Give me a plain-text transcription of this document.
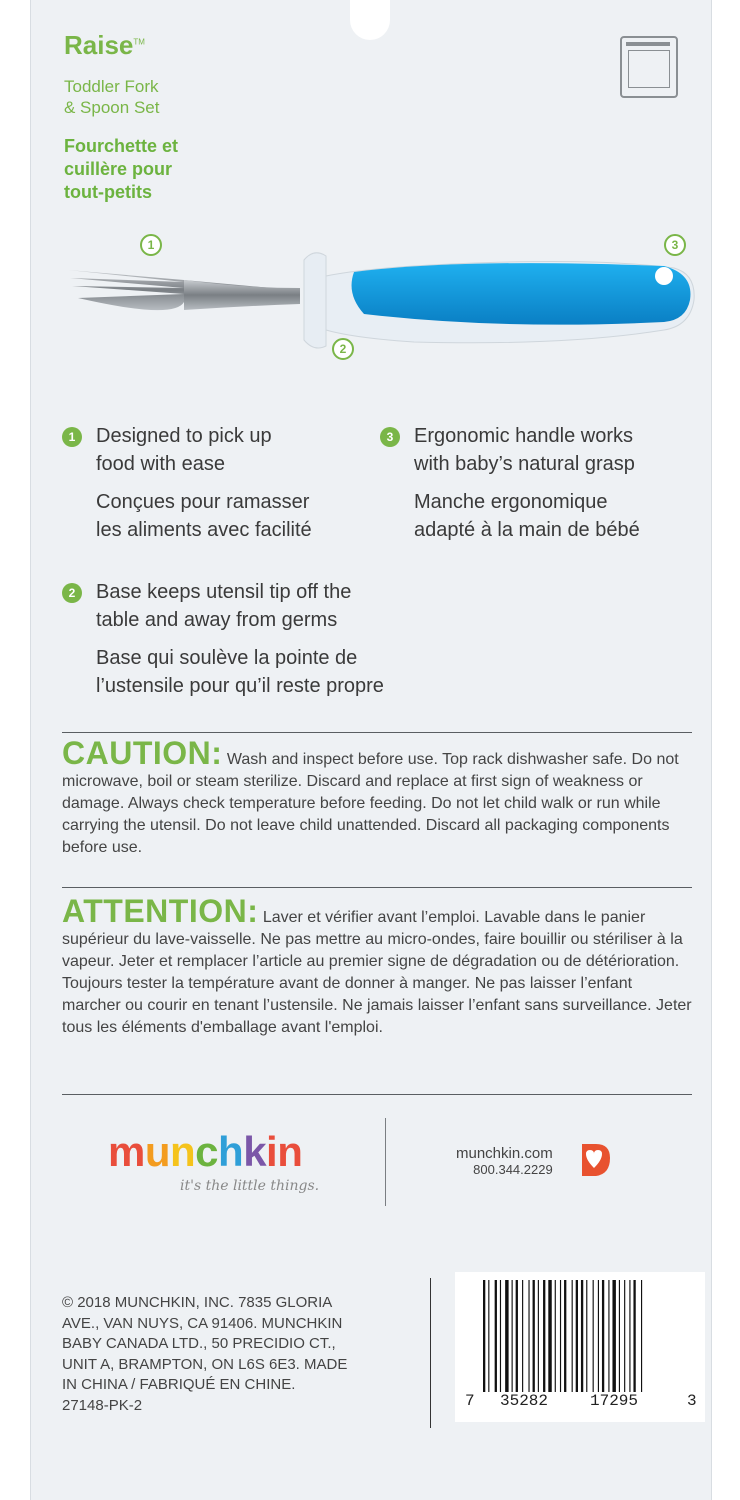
Raise™
Toddler Fork
& Spoon Set
Fourchette et
cuillère pour
tout-petits
1
2
3
1	Designed to pick up
food with ease
Conçues pour ramasser
les aliments avec facilité
3	Ergonomic handle works
with baby’s natural grasp
Manche ergonomique
adapté à la main de bébé
2	Base keeps utensil tip off the
table and away from germs
Base qui soulève la pointe de
l’ustensile pour qu’il reste propre
CAUTION: Wash and inspect before use. Top rack dishwasher safe. Do not microwave, boil or steam sterilize. Discard and replace at first sign of weakness or damage. Always check temperature before feeding. Do not let child walk or run while carrying the utensil. Do not leave child unattended. Discard all packaging components before use.
ATTENTION: Laver et vérifier avant l’emploi. Lavable dans le panier supérieur du lave-vaisselle. Ne pas mettre au micro-ondes, faire bouillir ou stériliser à la vapeur. Jeter et remplacer l’article au premier signe de dégradation ou de détérioration. Toujours tester la température avant de donner à manger. Ne pas laisser l’enfant marcher ou courir en tenant l’ustensile. Ne jamais laisser l’enfant sans surveillance. Jeter tous les éléments d'emballage avant l'emploi.
munchkin
it's the little things.
munchkin.com
800.344.2229
© 2018 MUNCHKIN, INC. 7835 GLORIA
AVE., VAN NUYS, CA 91406. MUNCHKIN
BABY CANADA LTD., 50 PRECIDIO CT.,
UNIT A, BRAMPTON, ON L6S 6E3. MADE
IN CHINA / FABRIQUÉ EN CHINE.
27148-PK-2	7 35282	17295	3
